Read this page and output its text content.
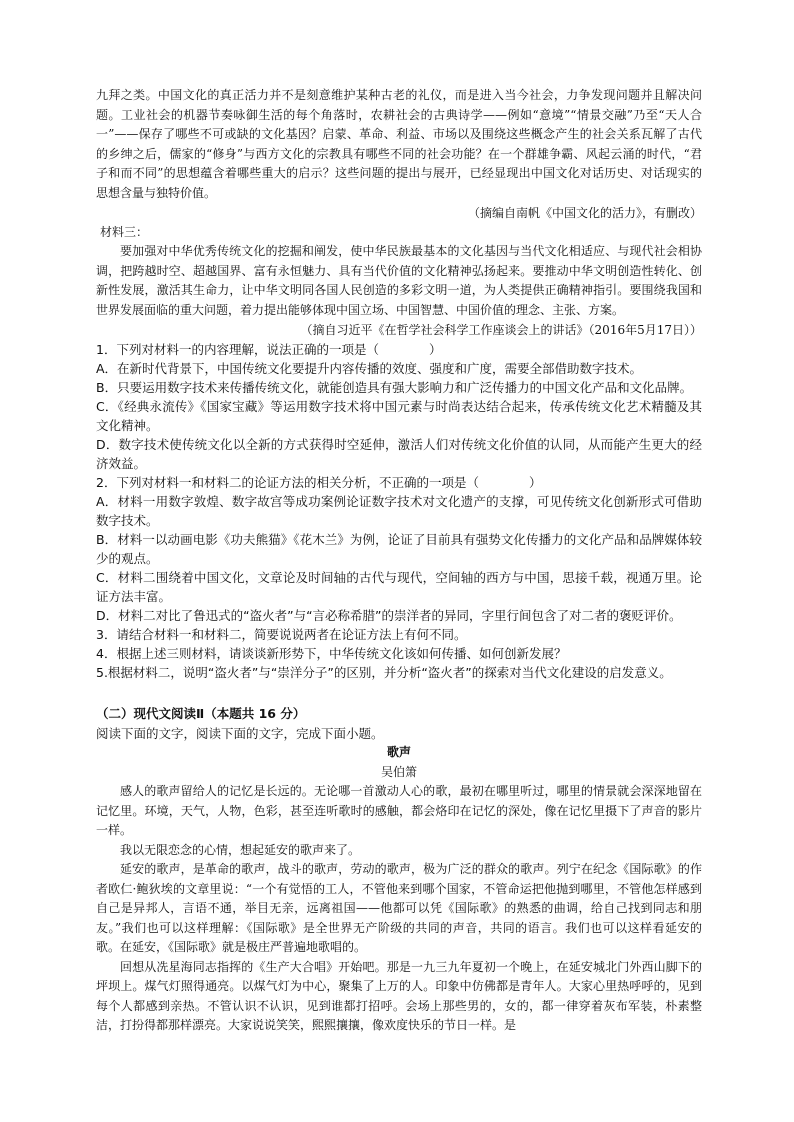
九拜之类。中国文化的真正活力并不是刻意维护某种古老的礼仪，而是进入当今社会，力争发现问题并且解决问题。工业社会的机器节奏咏御生活的每个角落时，农耕社会的古典诗学——例如“意境”“情景交融”乃至“天人合一”——保存了哪些不可或缺的文化基因？启蒙、革命、利益、市场以及围绕这些概念产生的社会关系瓦解了古代的乡绅之后，儒家的“修身”与西方文化的宗教具有哪些不同的社会功能？在一个群雄争霸、风起云涌的时代，“君子和而不同”的思想蕴含着哪些重大的启示？这些问题的提出与展开，已经显现出中国文化对话历史、对话现实的思想含量与独特价值。

（摘编自南帆《中国文化的活力》，有删改）

材料三：

要加强对中华优秀传统文化的挖掘和阐发，使中华民族最基本的文化基因与当代文化相适应、与现代社会相协调，把跨越时空、超越国界、富有永恒魅力、具有当代价值的文化精神弘扬起来。要推动中华文明创造性转化、创新性发展，激活其生命力，让中华文明同各国人民创造的多彩文明一道，为人类提供正确精神指引。要围绕我国和世界发展面临的重大问题，着力提出能够体现中国立场、中国智慧、中国价值的理念、主张、方案。

（摘自习近平《在哲学社会科学工作座谈会上的讲话》（2016年5月17日））

1．下列对材料一的内容理解，说法正确的一项是（　　　　）

A．在新时代背景下，中国传统文化要提升内容传播的效度、强度和广度，需要全部借助数字技术。

B．只要运用数字技术来传播传统文化，就能创造具有强大影响力和广泛传播力的中国文化产品和文化品牌。

C．《经典永流传》《国家宝藏》等运用数字技术将中国元素与时尚表达结合起来，传承传统文化艺术精髓及其文化精神。

D．数字技术使传统文化以全新的方式获得时空延伸，激活人们对传统文化价值的认同，从而能产生更大的经济效益。

2．下列对材料一和材料二的论证方法的相关分析，不正确的一项是（　　　　）

A．材料一用数字敦煌、数字故宫等成功案例论证数字技术对文化遗产的支撑，可见传统文化创新形式可借助数字技术。

B．材料一以动画电影《功夫熊猫》《花木兰》为例，论证了目前具有强势文化传播力的文化产品和品牌媒体较少的观点。

C．材料二围绕着中国文化，文章论及时间轴的古代与现代，空间轴的西方与中国，思接千载，视通万里。论证方法丰富。

D．材料二对比了鲁迅式的“盗火者”与“言必称希腊”的崇洋者的异同，字里行间包含了对二者的褒贬评价。

3．请结合材料一和材料二，简要说说两者在论证方法上有何不同。

4．根据上述三则材料，请谈谈新形势下，中华传统文化该如何传播、如何创新发展？

5.根据材料二，说明“盗火者”与“崇洋分子”的区别，并分析“盗火者”的探索对当代文化建设的启发意义。

（二）现代文阅读Ⅱ（本题共 16 分）

阅读下面的文字，阅读下面的文字，完成下面小题。

歌声

吴伯箫

感人的歌声留给人的记忆是长远的。无论哪一首激动人心的歌，最初在哪里听过，哪里的情景就会深深地留在记忆里。环境，天气，人物，色彩，甚至连听歌时的感触，都会烙印在记忆的深处，像在记忆里摄下了声音的影片一样。

我以无限恋念的心情，想起延安的歌声来了。

延安的歌声，是革命的歌声，战斗的歌声，劳动的歌声，极为广泛的群众的歌声。列宁在纪念《国际歌》的作者欧仁·鲍狄埃的文章里说：“一个有觉悟的工人，不管他来到哪个国家，不管命运把他抛到哪里，不管他怎样感到自己是异邦人，言语不通，举目无亲，远离祖国——他都可以凭《国际歌》的熟悉的曲调，给自己找到同志和朋友。”我们也可以这样理解：《国际歌》是全世界无产阶级的共同的声音，共同的语言。我们也可以这样看延安的歌。在延安，《国际歌》就是极庄严普遍地歌唱的。

回想从冼星海同志指挥的《生产大合唱》开始吧。那是一九三九年夏初一个晚上，在延安城北门外西山脚下的坪坝上。煤气灯照得通亮。以煤气灯为中心，聚集了上万的人。印象中仿佛都是青年人。大家心里热呼呼的，见到每个人都感到亲热。不管认识不认识，见到谁都打招呼。会场上那些男的，女的，都一律穿着灰布军装，朴素整洁，打扮得都那样漂亮。大家说说笑笑，熙熙攘攘，像欢度快乐的节日一样。是
